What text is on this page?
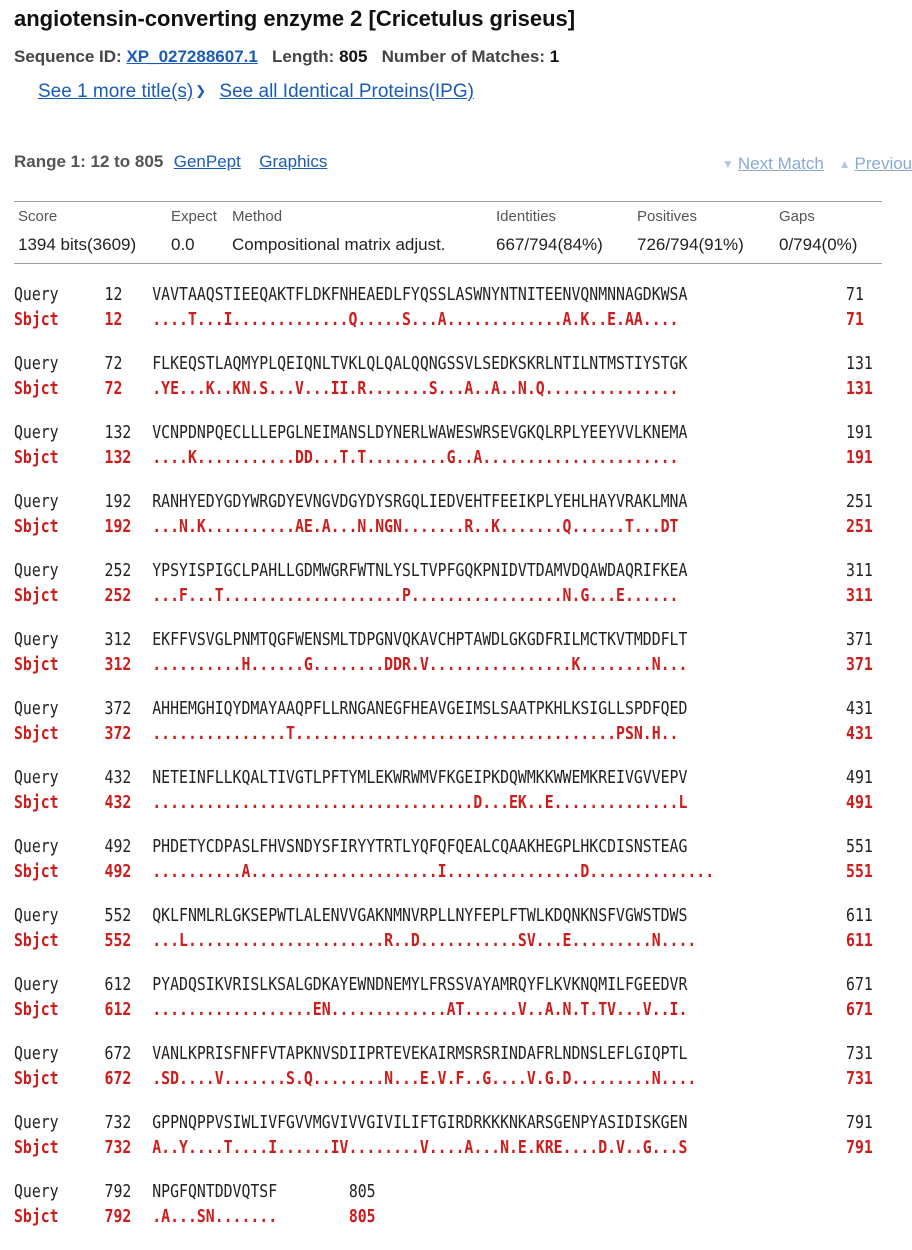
angiotensin-converting enzyme 2 [Cricetulus griseus]
Sequence ID: XP_027288607.1 Length: 805 Number of Matches: 1
See 1 more title(s) ❯ See all Identical Proteins(IPG)
Range 1: 12 to 805 GenPept Graphics	▼ Next Match ▲ Previou
Score	Expect Method	Identities	Positives	Gaps
1394 bits(3609) 0.0 Compositional matrix adjust.	667/794(84%) 726/794(91%) 0/794(0%)
Query	12 VAVTAAQSTIEEQAKTFLDKFNHEAEDLFYQSSLASWNYNTNITEENVQNMNNAGDKWSA	71
Sbjct	12 ....T...I.............Q.....S...A.............A.K..E.AA....	71
Query	72 FLKEQSTLAQMYPLQEIQNLTVKLQLQALQQNGSSVLSEDKSKRLNTILNTMSTIYSTGK	131
Sbjct	72 .YE...K..KN.S...V...II.R.......S...A..A..N.Q...............	131
Query	132 VCNPDNPQECLLLEPGLNEIMANSLDYNERLWAWESWRSEVGKQLRPLYEEYVVLKNEMA	191
Sbjct	132 ....K...........DD...T.T.........G..A......................	191
Query	192 RANHYEDYGDYWRGDYEVNGVDGYDYSRGQLIEDVEHTFEEIKPLYEHLHAYVRAKLMNA	251
Sbjct	192 ...N.K..........AE.A...N.NGN.......R..K.......Q......T...DT	251
Query	252 YPSYISPIGCLPAHLLGDMWGRFWTNLYSLTVPFGQKPNIDVTDAMVDQAWDAQRIFKEA	311
Sbjct	252 ...F...T....................P.................N.G...E......	311
Query	312 EKFFVSVGLPNMTQGFWENSMLTDPGNVQKAVCHPTAWDLGKGDFRILMCTKVTMDDFLT	371
Sbjct	312 ..........H......G........DDR.V................K........N...	371
Query	372 AHHEMGHIQYDMAYAAQPFLLRNGANEGFHEAVGEIMSLSAATPKHLKSIGLLSPDFQED	431
Sbjct	372 ...............T....................................PSN.H..	431
Query	432 NETEINFLLKQALTIVGTLPFTYMLEKWRWMVFKGEIPKDQWMKKWWEMKREIVGVVEPV	491
Sbjct	432 ....................................D...EK..E..............L	491
Query	492 PHDETYCDPASLFHVSNDYSFIRYYTRTLYQFQFQEALCQAAKHEGPLHKCDISNSTEAG	551
Sbjct	492 ..........A.....................I...............D..............	551
Query	552 QKLFNMLRLGKSEPWTLALENVVGAKNMNVRPLLNYFEPLFTWLKDQNKNSFVGWSTDWS	611
Sbjct	552 ...L......................R..D...........SV...E.........N....	611
Query	612 PYADQSIKVRISLKSALGDKAYEWNDNEMYLFRSSVAYAMRQYFLKVKNQMILFGEEDVR	671
Sbjct	612 ..................EN.............AT......V..A.N.T.TV...V..I.	671
Query	672 VANLKPRISFNFFVTAPKNVSDIIPRTEVEKAIRMSRSRINDAFRLNDNSLEFLGIQPTL	731
Sbjct	672 .SD....V.......S.Q........N...E.V.F..G....V.G.D.........N....	731
Query	732 GPPNQPPVSIWLIVFGVVMGVIVVGIVILIFTGIRDRKKKNKARSGENPYASIDISKGEN	791
Sbjct	732 A..Y....T....I......IV........V....A...N.E.KRE....D.V..G...S	791
Query	792 NPGFQNTDDVQTSF	805
Sbjct	792 .A...SN.......	805
